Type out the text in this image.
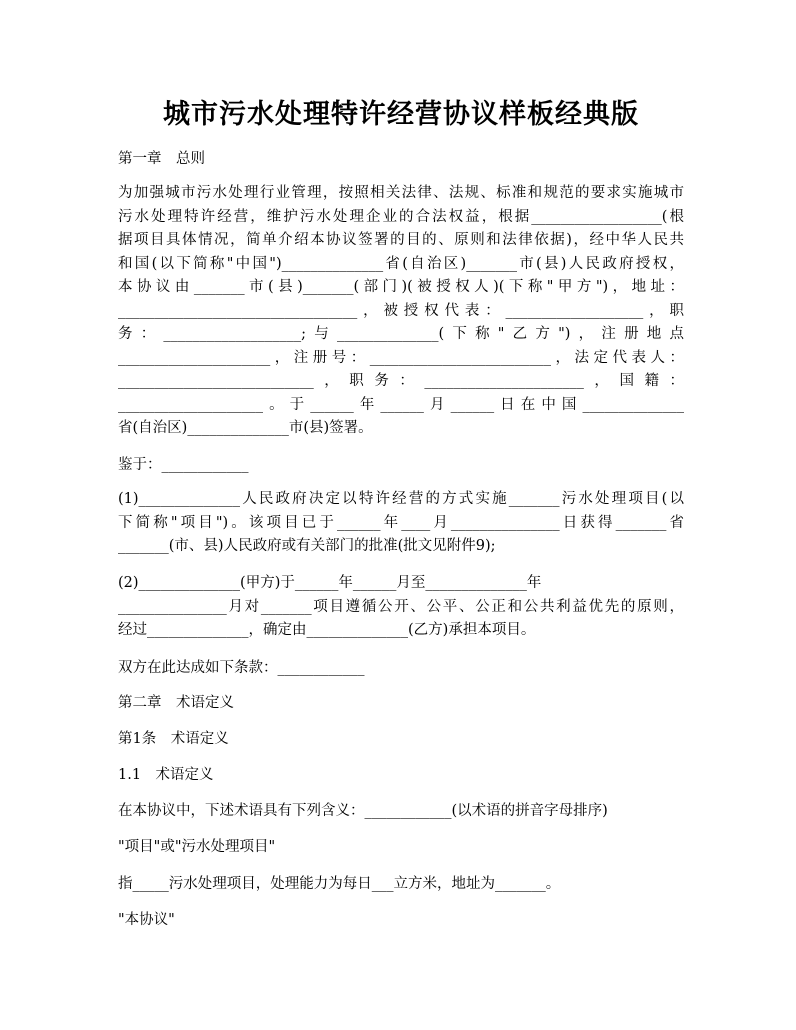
城市污水处理特许经营协议样板经典版

第一章　总则

为加强城市污水处理行业管理，按照相关法律、法规、标准和规范的要求实施城市
污水处理特许经营，维护污水处理企业的合法权益，根据__________________(根
据项目具体情况，简单介绍本协议签署的目的、原则和法律依据)，经中华人民共
和国(以下简称"中国")______________省(自治区)_______市(县)人民政府授权，
本协议由_______市(县)_______(部门)(被授权人)(下称"甲方")，地址：
_________________________________，被授权代表：___________________，职
务：___________________;与______________(下称"乙方")，注册地点
_____________________，注册号：_________________________，法定代表人：
___________________________，职务：______________________，国籍：
____________________。于______年______月______日在中国______________
省(自治区)______________市(县)签署。

鉴于：____________

(1)______________人民政府决定以特许经营的方式实施_______污水处理项目(以
下简称"项目")。该项目已于______年____月_______________日获得_______省
_______(市、县)人民政府或有关部门的批准(批文见附件9);

(2)______________(甲方)于______年______月至______________年
_______________月对_______项目遵循公开、公平、公正和公共利益优先的原则，
经过______________，确定由______________(乙方)承担本项目。

双方在此达成如下条款：____________

第二章　术语定义

第1条　术语定义

1.1　术语定义

在本协议中，下述术语具有下列含义：____________(以术语的拼音字母排序)

"项目"或"污水处理项目"

指_____污水处理项目，处理能力为每日___立方米，地址为_______。

"本协议"
